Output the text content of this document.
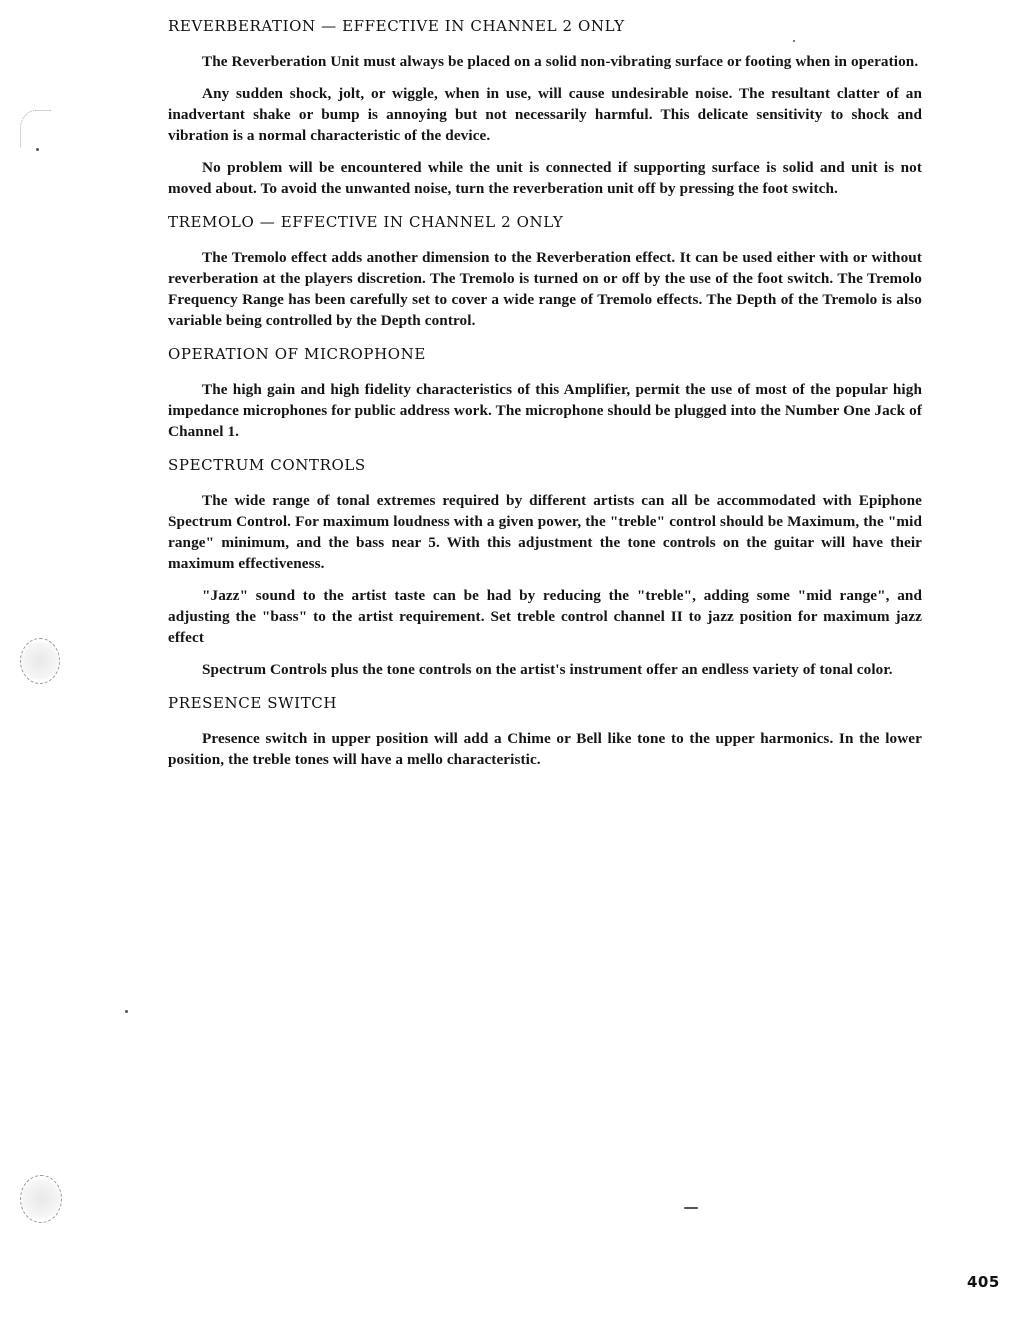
REVERBERATION — EFFECTIVE IN CHANNEL 2 ONLY

The Reverberation Unit must always be placed on a solid non-vibrating surface or footing when in operation.

Any sudden shock, jolt, or wiggle, when in use, will cause undesirable noise. The resultant clatter of an inadvertant shake or bump is annoying but not necessarily harmful. This delicate sensitivity to shock and vibration is a normal characteristic of the device.

No problem will be encountered while the unit is connected if supporting surface is solid and unit is not moved about. To avoid the unwanted noise, turn the reverberation unit off by pressing the foot switch.

TREMOLO — EFFECTIVE IN CHANNEL 2 ONLY

The Tremolo effect adds another dimension to the Reverberation effect. It can be used either with or without reverberation at the players discretion. The Tremolo is turned on or off by the use of the foot switch. The Tremolo Frequency Range has been carefully set to cover a wide range of Tremolo effects. The Depth of the Tremolo is also variable being controlled by the Depth control.

OPERATION OF MICROPHONE

The high gain and high fidelity characteristics of this Amplifier, permit the use of most of the popular high impedance microphones for public address work. The microphone should be plugged into the Number One Jack of Channel 1.

SPECTRUM CONTROLS

The wide range of tonal extremes required by different artists can all be accommodated with Epiphone Spectrum Control. For maximum loudness with a given power, the "treble" control should be Maximum, the "mid range" minimum, and the bass near 5. With this adjustment the tone controls on the guitar will have their maximum effectiveness.

"Jazz" sound to the artist taste can be had by reducing the "treble", adding some "mid range", and adjusting the "bass" to the artist requirement. Set treble control channel II to jazz position for maximum jazz effect

Spectrum Controls plus the tone controls on the artist's instrument offer an endless variety of tonal color.

PRESENCE SWITCH

Presence switch in upper position will add a Chime or Bell like tone to the upper harmonics. In the lower position, the treble tones will have a mello characteristic.

405
